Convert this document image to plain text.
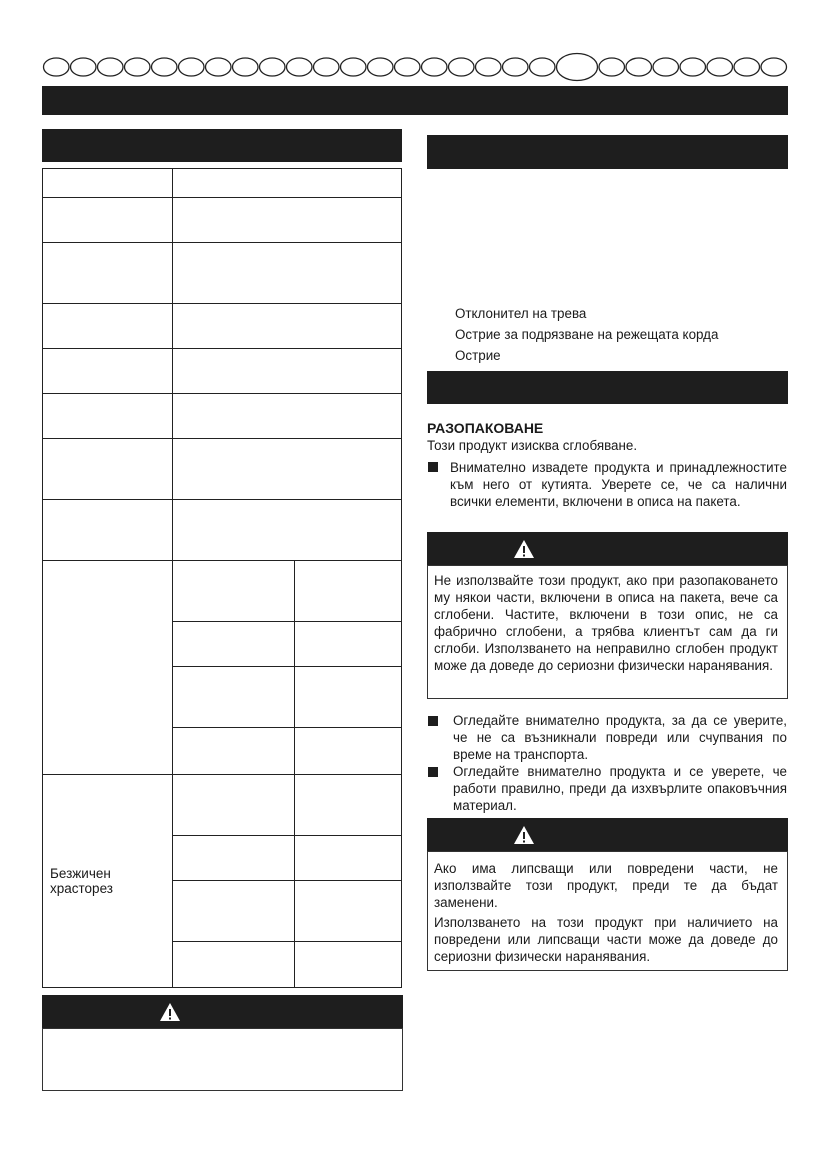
Безжичен храсторез
Отклонител на трева
Острие за подрязване на режещата корда
Острие
РАЗОПАКОВАНЕ
Този продукт изисква сглобяване.
Внимателно извадете продукта и принадлежностите към него от кутията. Уверете се, че са налични всички елементи, включени в описа на пакета.
Не използвайте този продукт, ако при разопаковането му някои части, включени в описа на пакета, вече са сглобени. Частите, включени в този опис, не са фабрично сглобени, а трябва клиентът сам да ги сглоби. Използването на неправилно сглобен продукт може да доведе до сериозни физически наранявания.
Огледайте внимателно продукта, за да се уверите, че не са възникнали повреди или счупвания по време на транспорта.
Огледайте внимателно продукта и се уверете, че работи правилно, преди да изхвърлите опаковъчния материал.
Ако има липсващи или повредени части, не използвайте този продукт, преди те да бъдат заменени.
Използването на този продукт при наличието на повредени или липсващи части може да доведе до сериозни физически наранявания.
